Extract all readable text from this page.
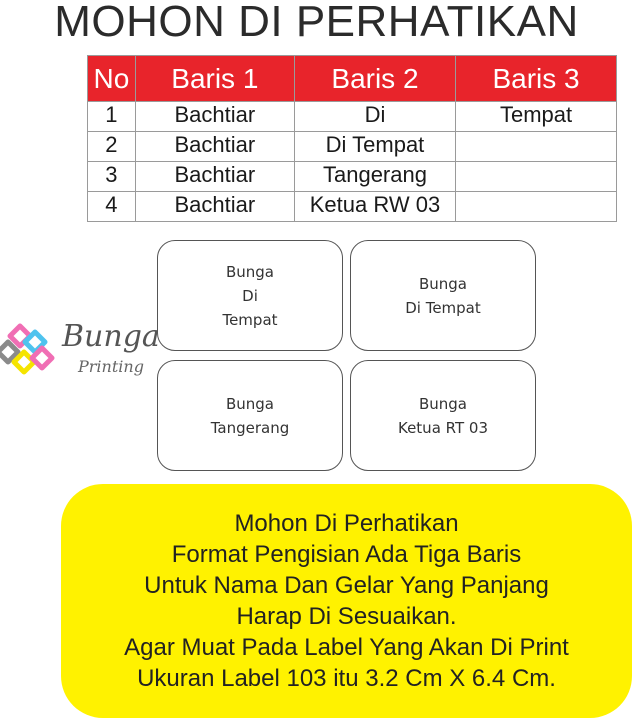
MOHON DI PERHATIKAN
No	Baris 1	Baris 2	Baris 3
1	Bachtiar	Di	Tempat
2	Bachtiar	Di Tempat	
3	Bachtiar	Tangerang	
4	Bachtiar	Ketua RW 03	
Bunga
Di
Tempat
Bunga
Di Tempat
Bunga
Tangerang
Bunga
Ketua RT 03
Bunga
Printing
Mohon Di Perhatikan
Format Pengisian Ada Tiga Baris
Untuk Nama Dan Gelar Yang Panjang
Harap Di Sesuaikan.
Agar Muat Pada Label Yang Akan Di Print
Ukuran Label 103 itu 3.2 Cm X 6.4 Cm.
